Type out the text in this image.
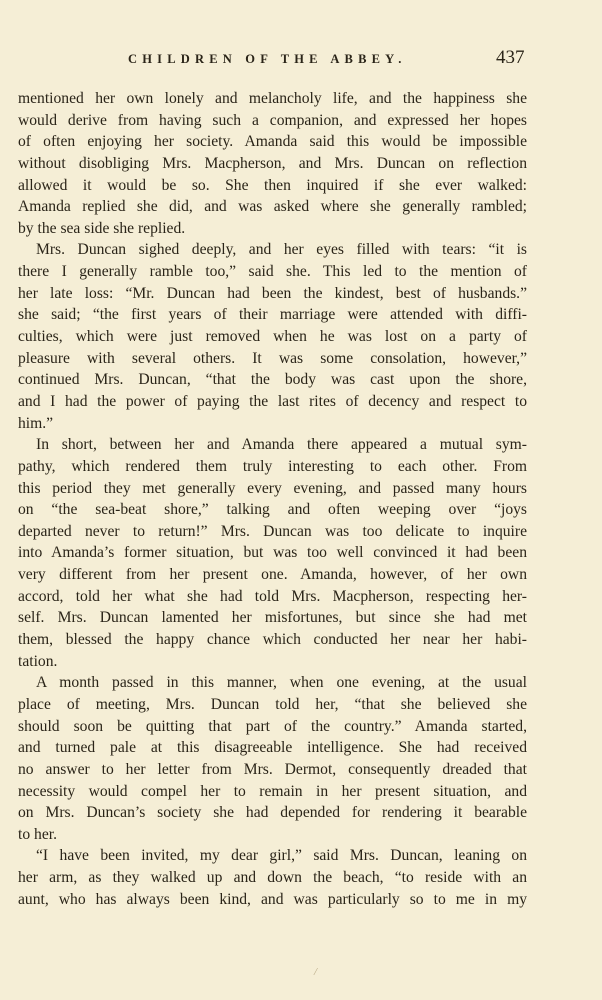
CHILDREN OF THE ABBEY.	437
mentioned her own lonely and melancholy life, and the happiness she
would derive from having such a companion, and expressed her hopes
of often enjoying her society. Amanda said this would be impossible
without disobliging Mrs. Macpherson, and Mrs. Duncan on reflection
allowed it would be so. She then inquired if she ever walked:
Amanda replied she did, and was asked where she generally rambled;
by the sea side she replied.
Mrs. Duncan sighed deeply, and her eyes filled with tears: “it is
there I generally ramble too,” said she. This led to the mention of
her late loss: “Mr. Duncan had been the kindest, best of husbands.”
she said; “the first years of their marriage were attended with diffi-
culties, which were just removed when he was lost on a party of
pleasure with several others. It was some consolation, however,”
continued Mrs. Duncan, “that the body was cast upon the shore,
and I had the power of paying the last rites of decency and respect to
him.”
In short, between her and Amanda there appeared a mutual sym-
pathy, which rendered them truly interesting to each other. From
this period they met generally every evening, and passed many hours
on “the sea-beat shore,” talking and often weeping over “joys
departed never to return!” Mrs. Duncan was too delicate to inquire
into Amanda’s former situation, but was too well convinced it had been
very different from her present one. Amanda, however, of her own
accord, told her what she had told Mrs. Macpherson, respecting her-
self. Mrs. Duncan lamented her misfortunes, but since she had met
them, blessed the happy chance which conducted her near her habi-
tation.
A month passed in this manner, when one evening, at the usual
place of meeting, Mrs. Duncan told her, “that she believed she
should soon be quitting that part of the country.” Amanda started,
and turned pale at this disagreeable intelligence. She had received
no answer to her letter from Mrs. Dermot, consequently dreaded that
necessity would compel her to remain in her present situation, and
on Mrs. Duncan’s society she had depended for rendering it bearable
to her.
“I have been invited, my dear girl,” said Mrs. Duncan, leaning on
her arm, as they walked up and down the beach, “to reside with an
aunt, who has always been kind, and was particularly so to me in my
/
